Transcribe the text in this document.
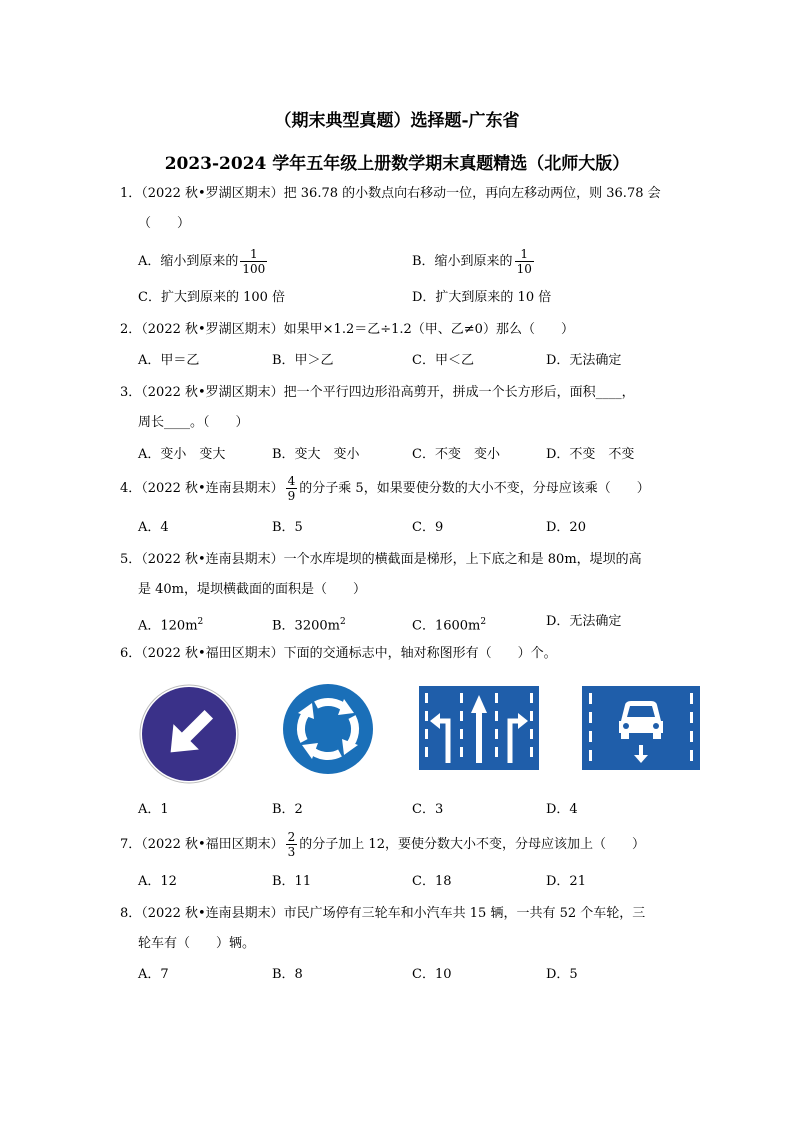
（期末典型真题）选择题-广东省
2023-2024 学年五年级上册数学期末真题精选（北师大版）
1．（2022 秋•罗湖区期末）把 36.78 的小数点向右移动一位，再向左移动两位，则 36.78 会
（　　）
A．缩小到原来的 $\frac{1}{100}$	B．缩小到原来的 $\frac{1}{10}$
C．扩大到原来的 100 倍	D．扩大到原来的 10 倍
2．（2022 秋•罗湖区期末）如果甲×1.2＝乙÷1.2（甲、乙≠0）那么（　　）
A．甲＝乙	B．甲＞乙	C．甲＜乙	D．无法确定
3．（2022 秋•罗湖区期末）把一个平行四边形沿高剪开，拼成一个长方形后，面积____，
周长____。（　　）
A．变小　变大	B．变大　变小	C．不变　变小	D．不变　不变
4．（2022 秋•连南县期末） $\frac{4}{9}$ 的分子乘 5，如果要使分数的大小不变，分母应该乘（　　）
A．4	B．5	C．9	D．20
5．（2022 秋•连南县期末）一个水库堤坝的横截面是梯形，上下底之和是 80m，堤坝的高
是 40m，堤坝横截面的面积是（　　）
A．$120m^2$	B．$3200m^2$	C．$1600m^2$	D．无法确定
6．（2022 秋•福田区期末）下面的交通标志中，轴对称图形有（　　）个。
A．1	B．2	C．3	D．4
7．（2022 秋•福田区期末） $\frac{2}{3}$ 的分子加上 12，要使分数大小不变，分母应该加上（　　）
A．12	B．11	C．18	D．21
8．（2022 秋•连南县期末）市民广场停有三轮车和小汽车共 15 辆，一共有 52 个车轮，三
轮车有（　　）辆。
A．7	B．8	C．10	D．5
